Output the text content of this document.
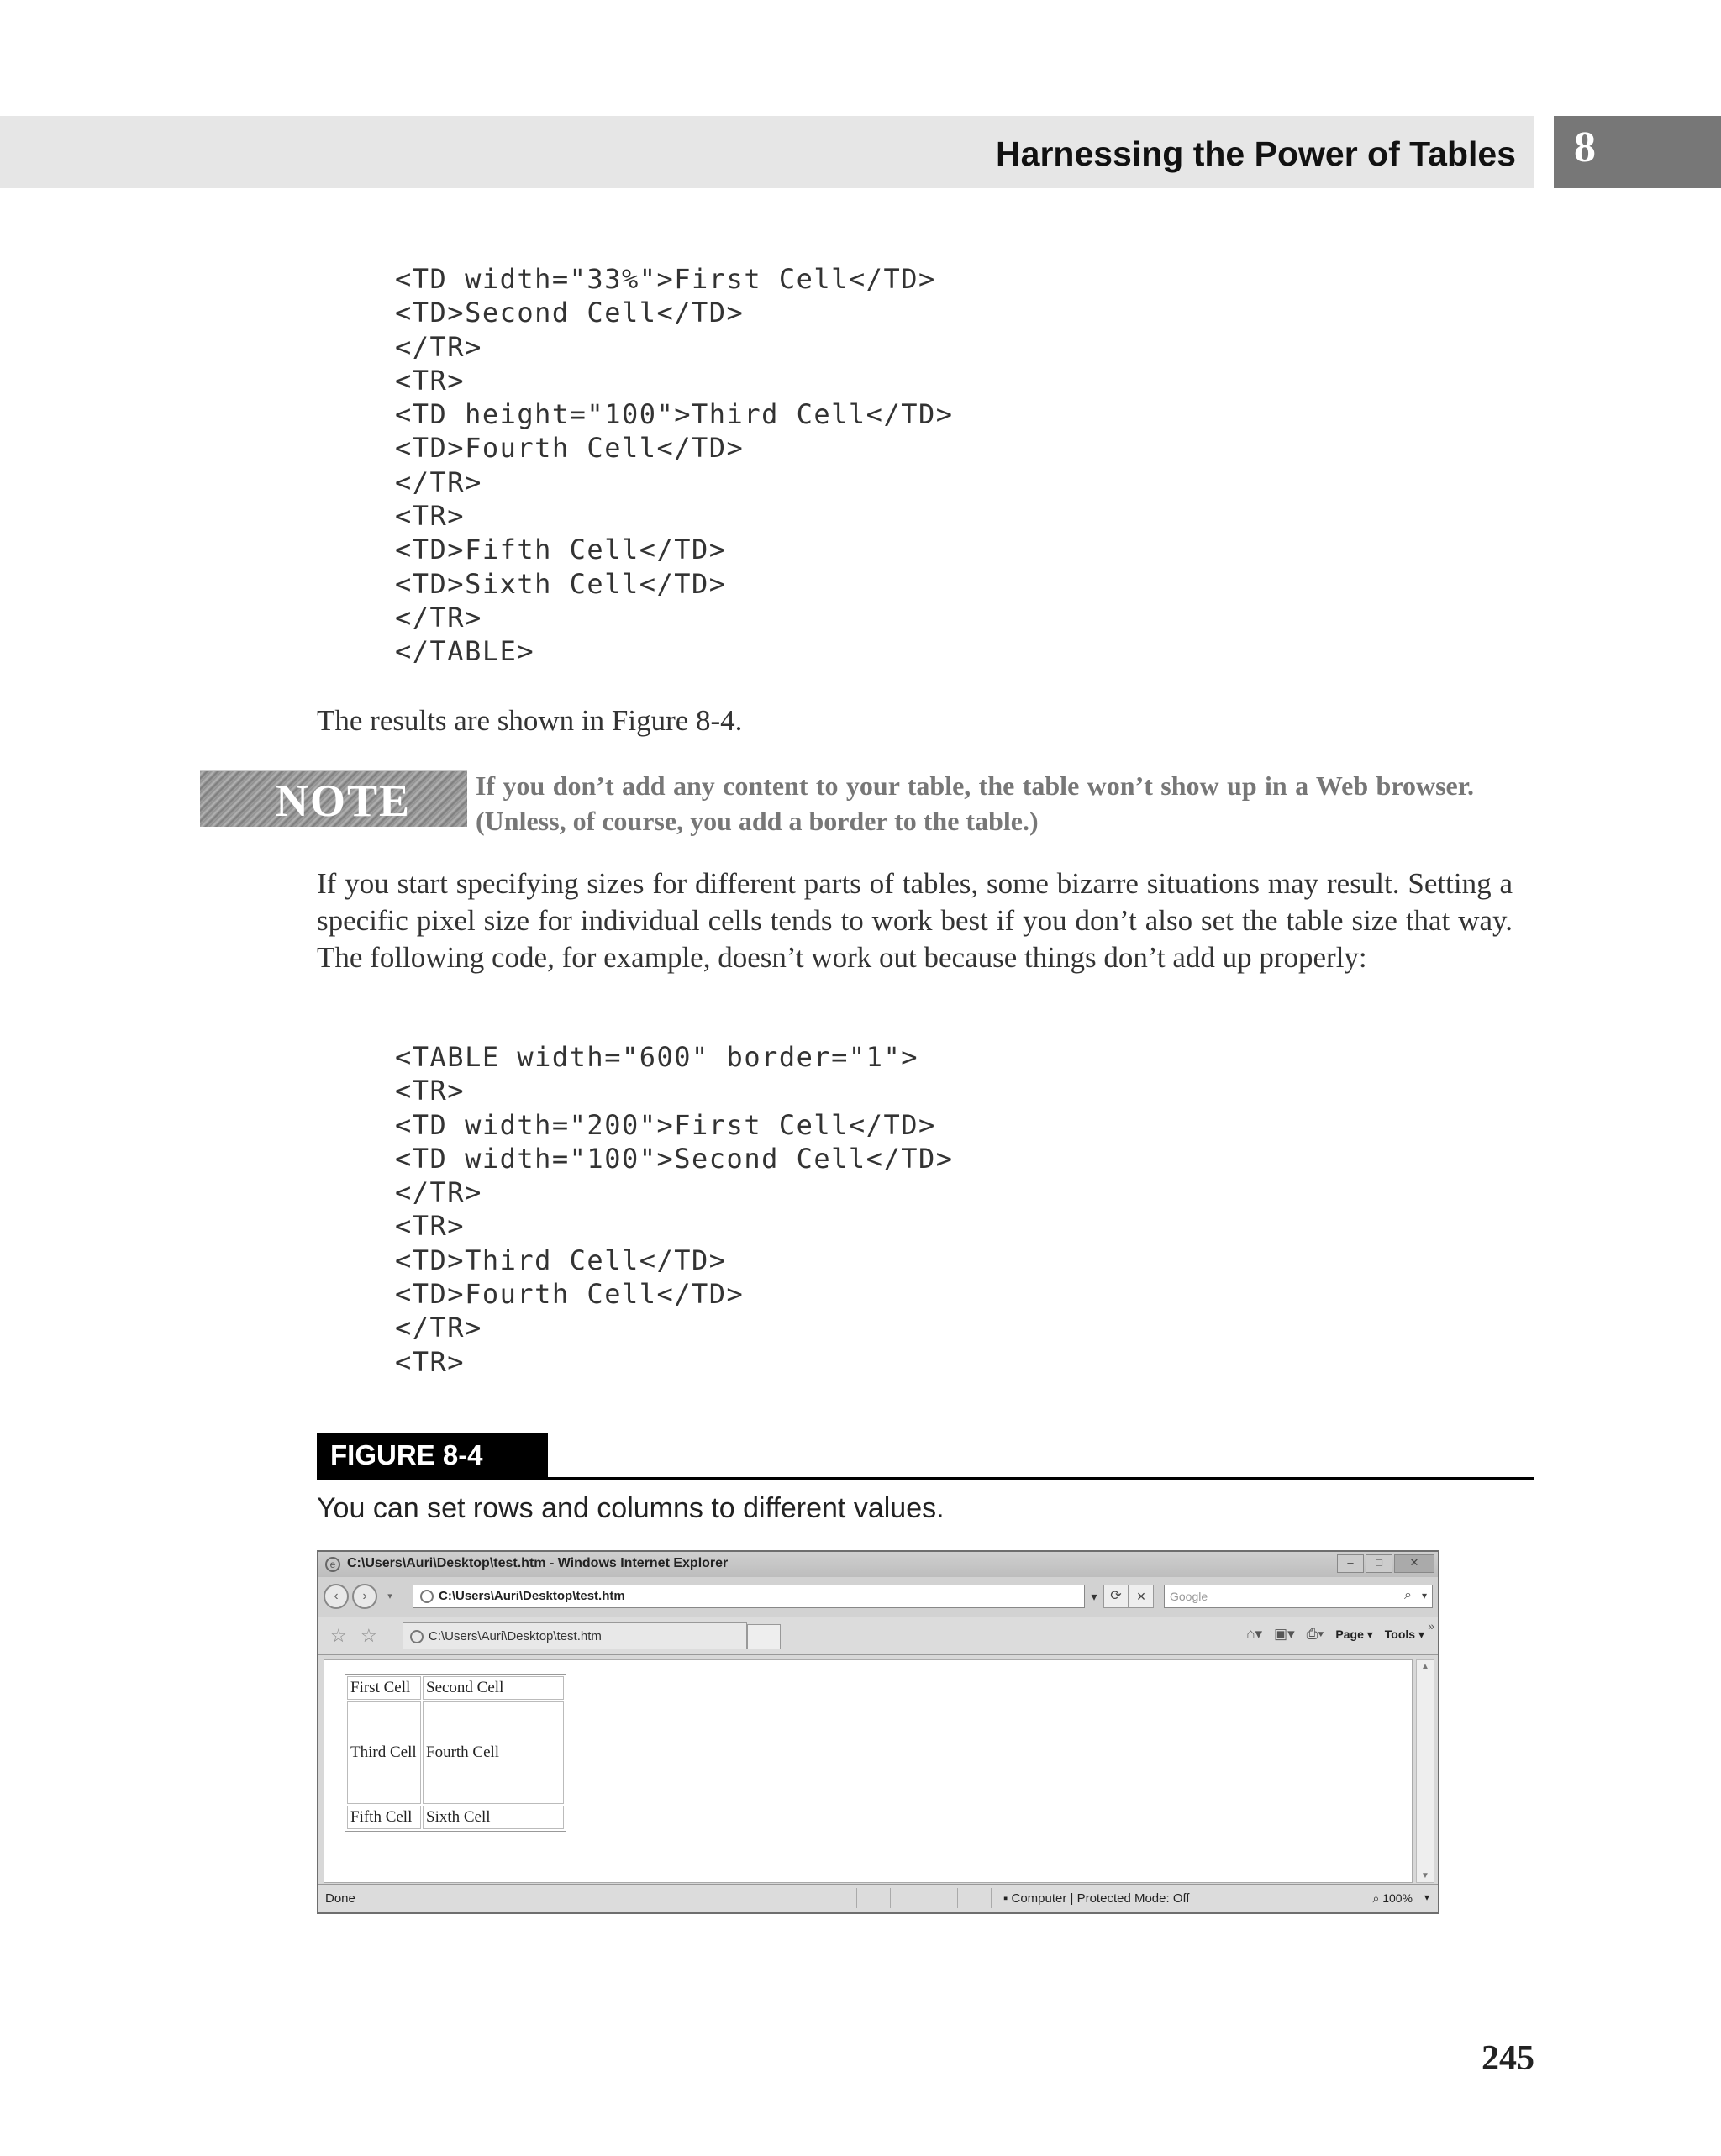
Harnessing the Power of Tables 8
<TD width="33%">First Cell</TD>
<TD>Second Cell</TD>
</TR>
<TR>
<TD height="100">Third Cell</TD>
<TD>Fourth Cell</TD>
</TR>
<TR>
<TD>Fifth Cell</TD>
<TD>Sixth Cell</TD>
</TR>
</TABLE>

The results are shown in Figure 8-4.

NOTE If you don’t add any content to your table, the table won’t show up in a Web browser. (Unless, of course, you add a border to the table.)

If you start specifying sizes for different parts of tables, some bizarre situations may result. Setting a specific pixel size for individual cells tends to work best if you don’t also set the table size that way. The following code, for example, doesn’t work out because things don’t add up properly:

<TABLE width="600" border="1">
<TR>
<TD width="200">First Cell</TD>
<TD width="100">Second Cell</TD>
</TR>
<TR>
<TD>Third Cell</TD>
<TD>Fourth Cell</TD>
</TR>
<TR>
FIGURE 8-4

You can set rows and columns to different values.

e C:\Users\Auri\Desktop\test.htm - Windows Internet Explorer	–	□	✕
‹	›	▾	C:\Users\Auri\Desktop\test.htm	▾ ⟳	×	Google	⌕ ▾
☆ ☆	C:\Users\Auri\Desktop\test.htm	⌂▾ ▣▾ ⎙▾ Page ▾ Tools ▾
»
First Cell	Second Cell
Third Cell	Fourth Cell
Fifth Cell	Sixth Cell
▲
▼
Done	▪ Computer | Protected Mode: Off	⌕ 100% ▾
245
